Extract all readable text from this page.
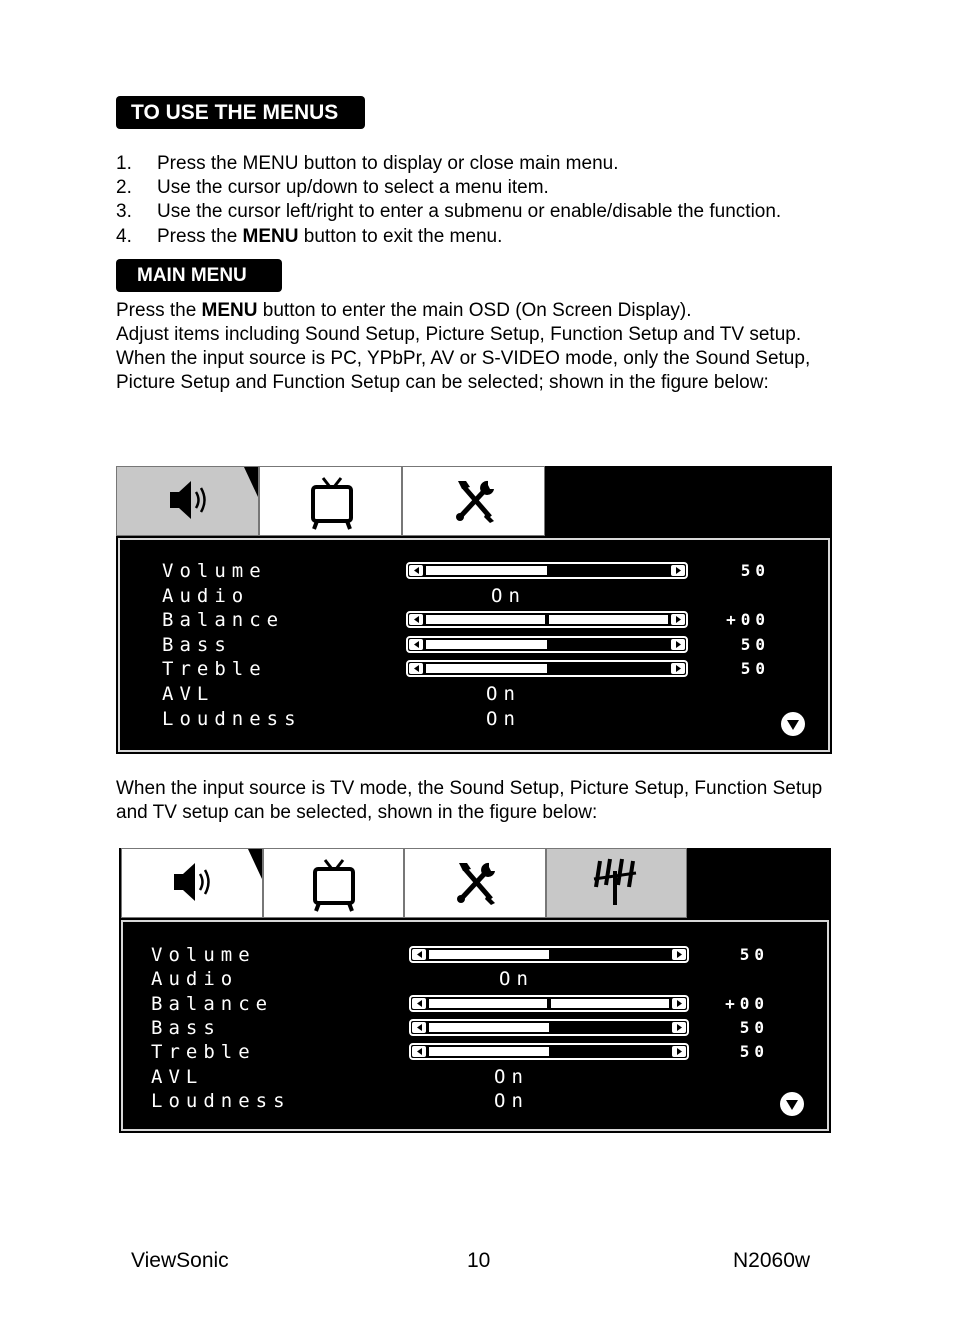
TO USE THE MENUS
1. Press the MENU button to display or close main menu.
2. Use the cursor up/down to select a menu item.
3. Use the cursor left/right to enter a submenu or enable/disable the function.
4. Press the MENU button to exit the menu.
MAIN MENU

Press the MENU button to enter the main OSD (On Screen Display).

Adjust items including Sound Setup, Picture Setup, Function Setup and TV setup.

When the input source is PC, YPbPr, AV or S-VIDEO mode, only the Sound Setup, Picture Setup and Function Setup can be selected; shown in the figure below:

Volume	50
Audio	On
Balance	+00
Bass	50
Treble	50
AVL	On
Loudness	On
When the input source is TV mode, the Sound Setup, Picture Setup, Function Setup and TV setup can be selected, shown in the figure below:
Volume	50
Audio	On
Balance	+00
Bass	50
Treble	50
AVL	On
Loudness	On
ViewSonic	10	N2060w
